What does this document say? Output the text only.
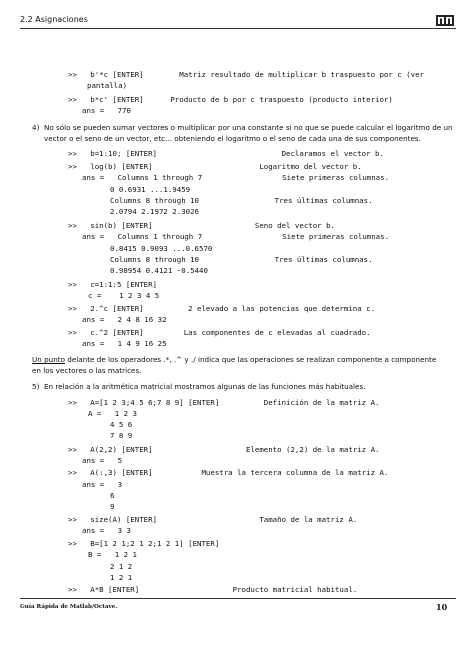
2.2 Asignaciones
>>   b'*c [ENTER]        Matriz resultado de multiplicar b traspuesto por c (ver
pantalla)
>>   b*c' [ENTER]      Producto de b por c traspuesto (producto interior)
ans =   770
4)  No sólo se pueden sumar vectores o multiplicar por una constante si no que se puede calcular el logaritmo de un
vector o el seno de un vector, etc... obteniendo el logaritmo o el seno de cada una de sus componentes.
>>   b=1:10; [ENTER]                            Declaramos el vector b.
>>   log(b) [ENTER]                        Logaritmo del vector b.
ans =   Columns 1 through 7                  Siete primeras columnas.
0 0.6931 ...1.9459
Columns 8 through 10                 Tres últimas columnas.
2.0794 2.1972 2.3026
>>   sin(b) [ENTER]                       Seno del vector b.
ans =   Columns 1 through 7                  Siete primeras columnas.
0.8415 0.9093 ...0.6570
Columns 8 through 10                 Tres últimas columnas.
0.98954 0.4121 -0.5440
>>   c=1:1:5 [ENTER]
c =    1 2 3 4 5
>>   2.^c [ENTER]          2 elevado a las potencias que determina c.
ans =   2 4 8 16 32
>>   c.^2 [ENTER]         Las componentes de c elevadas al cuadrado.
ans =   1 4 9 16 25
Un punto delante de los operadores .*, .^ y ./ indica que las operaciones se realizan componente a componente
en los vectores o las matrices.
5)  En relación a la aritmética matricial mostramos algunas de las funciones más habituales.
>>   A=[1 2 3;4 5 6;7 8 9] [ENTER]          Definición de la matriz A.
A =   1 2 3
4 5 6
7 8 9
>>   A(2,2) [ENTER]                     Elemento (2,2) de la matriz A.
ans =   5
>>   A(:,3) [ENTER]           Muestra la tercera columna de la matriz A.
ans =   3
6
9
>>   size(A) [ENTER]                       Tamaño de la matriz A.
ans =   3 3
>>   B=[1 2 1;2 1 2;1 2 1] [ENTER]
B =   1 2 1
2 1 2
1 2 1
>>   A*B [ENTER]                     Producto matricial habitual.
Guía Rápida de Matlab/Octave.	10
